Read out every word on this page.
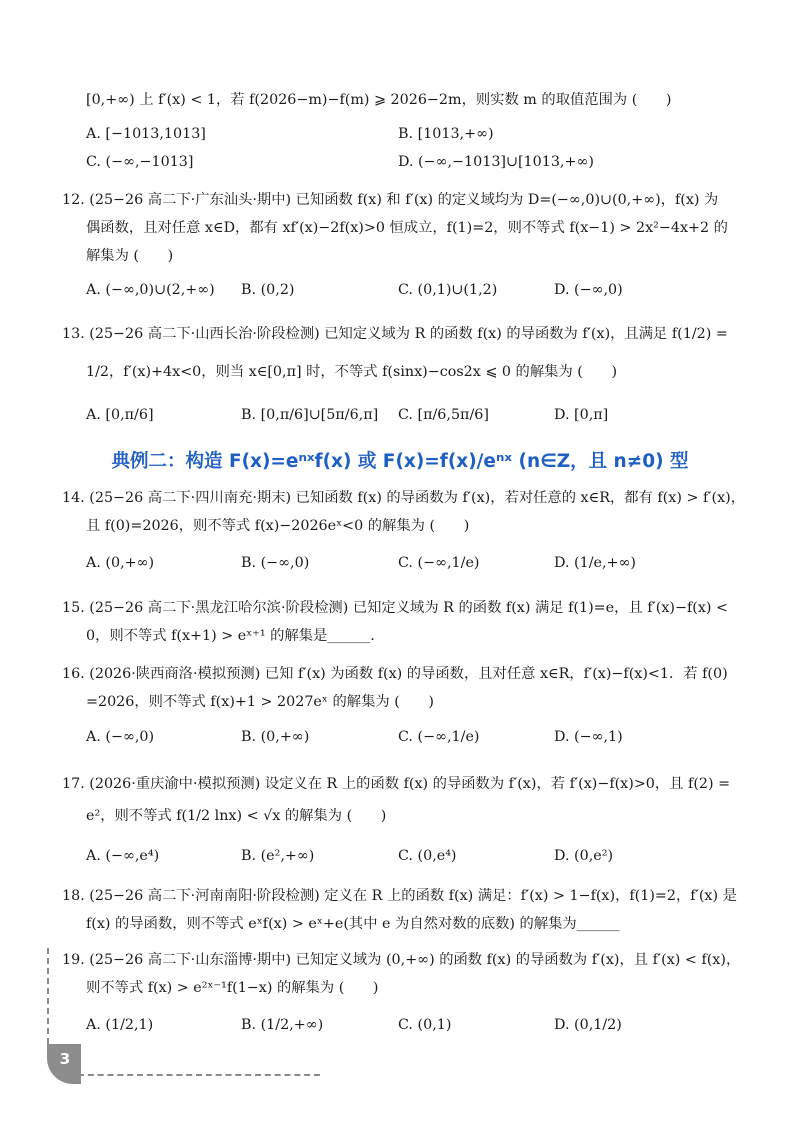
[0,+∞) 上 f′(x) < 1，若 f(2026−m)−f(m) ⩾ 2026−2m，则实数 m 的取值范围为 (　　)
A. [−1013,1013]	B. [1013,+∞)
C. (−∞,−1013]	D. (−∞,−1013]∪[1013,+∞)
12. (25−26 高二下·广东汕头·期中) 已知函数 f(x) 和 f′(x) 的定义域均为 D=(−∞,0)∪(0,+∞)，f(x) 为
偶函数，且对任意 x∈D，都有 xf′(x)−2f(x)>0 恒成立，f(1)=2，则不等式 f(x−1) > 2x²−4x+2 的
解集为 (　　)
A. (−∞,0)∪(2,+∞) B. (0,2)	C. (0,1)∪(1,2)	D. (−∞,0)
13. (25−26 高二下·山西长治·阶段检测) 已知定义域为 R 的函数 f(x) 的导函数为 f′(x)，且满足 f(1/2) =
1/2，f′(x)+4x<0，则当 x∈[0,π] 时，不等式 f(sinx)−cos2x ⩽ 0 的解集为 (　　)
A. [0,π/6]	B. [0,π/6]∪[5π/6,π] C. [π/6,5π/6]	D. [0,π]
典例二：构造 F(x)=eⁿˣf(x) 或 F(x)=f(x)/eⁿˣ (n∈Z，且 n≠0) 型
14. (25−26 高二下·四川南充·期末) 已知函数 f(x) 的导函数为 f′(x)，若对任意的 x∈R，都有 f(x) > f′(x)，
且 f(0)=2026，则不等式 f(x)−2026eˣ<0 的解集为 (　　)
A. (0,+∞)	B. (−∞,0)	C. (−∞,1/e)	D. (1/e,+∞)
15. (25−26 高二下·黑龙江哈尔滨·阶段检测) 已知定义域为 R 的函数 f(x) 满足 f(1)=e，且 f′(x)−f(x) <
0，则不等式 f(x+1) > eˣ⁺¹ 的解集是______.
16. (2026·陕西商洛·模拟预测) 已知 f′(x) 为函数 f(x) 的导函数，且对任意 x∈R，f′(x)−f(x)<1．若 f(0)
=2026，则不等式 f(x)+1 > 2027eˣ 的解集为 (　　)
A. (−∞,0)	B. (0,+∞)	C. (−∞,1/e)	D. (−∞,1)
17. (2026·重庆渝中·模拟预测) 设定义在 R 上的函数 f(x) 的导函数为 f′(x)，若 f′(x)−f(x)>0，且 f(2) =
e²，则不等式 f(1/2 lnx) < √x 的解集为 (　　)
A. (−∞,e⁴)	B. (e²,+∞)	C. (0,e⁴)	D. (0,e²)
18. (25−26 高二下·河南南阳·阶段检测) 定义在 R 上的函数 f(x) 满足：f′(x) > 1−f(x)，f(1)=2，f′(x) 是
f(x) 的导函数，则不等式 eˣf(x) > eˣ+e(其中 e 为自然对数的底数) 的解集为______
19. (25−26 高二下·山东淄博·期中) 已知定义域为 (0,+∞) 的函数 f(x) 的导函数为 f′(x)，且 f′(x) < f(x)，
则不等式 f(x) > e²ˣ⁻¹f(1−x) 的解集为 (　　)
A. (1/2,1)	B. (1/2,+∞)	C. (0,1)	D. (0,1/2)
3
